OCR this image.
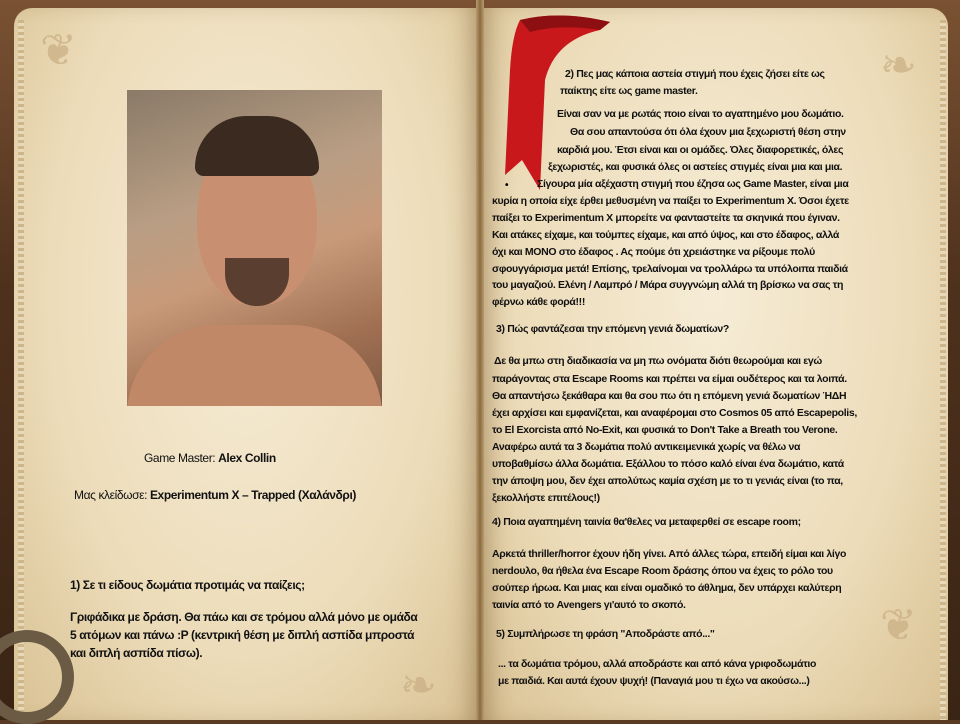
❦	❧
❦
❧
Game Master: Alex Collin
Μας κλείδωσε: Experimentum X – Trapped (Χαλάνδρι)
1) Σε τι είδους δωμάτια προτιμάς να παίζεις;
•
Γριφάδικα με δράση. Θα πάω και σε τρόμου αλλά μόνο με ομάδα
5 ατόμων και πάνω :P (κεντρική θέση με διπλή ασπίδα μπροστά
και διπλή ασπίδα πίσω).
2) Πες μας κάποια αστεία στιγμή που έχεις ζήσει είτε ως
παίκτης είτε ως game master.
Είναι σαν να με ρωτάς ποιο είναι το αγαπημένο μου δωμάτιο.
Θα σου απαντούσα ότι όλα έχουν μια ξεχωριστή θέση στην
καρδιά μου. Έτσι είναι και οι ομάδες. Όλες διαφορετικές, όλες
ξεχωριστές, και φυσικά όλες οι αστείες στιγμές είναι μια και μια.
Σίγουρα μία αξέχαστη στιγμή που έζησα ως Game Master, είναι μια
κυρία η οποία είχε έρθει μεθυσμένη να παίξει το Experimentum X. Όσοι έχετε
παίξει το Experimentum X μπορείτε να φανταστείτε τα σκηνικά που έγιναν.
Και ατάκες είχαμε, και τούμπες είχαμε, και από ύψος, και στο έδαφος, αλλά
όχι και ΜΟΝΟ στο έδαφος . Ας πούμε ότι χρειάστηκε να ρίξουμε πολύ
σφουγγάρισμα μετά! Επίσης, τρελαίνομαι να τρολλάρω τα υπόλοιπα παιδιά
του μαγαζιού. Ελένη / Λαμπρό / Μάρα συγγνώμη αλλά τη βρίσκω να σας τη
φέρνω κάθε φορά!!!
3) Πώς φαντάζεσαι την επόμενη γενιά δωματίων?
Δε θα μπω στη διαδικασία να μη πω ονόματα διότι θεωρούμαι και εγώ
παράγοντας στα Escape Rooms και πρέπει να είμαι ουδέτερος και τα λοιπά.
Θα απαντήσω ξεκάθαρα και θα σου πω ότι η επόμενη γενιά δωματίων ΉΔΗ
έχει αρχίσει και εμφανίζεται, και αναφέρομαι στο Cosmos 05 από Escapepolis,
το El Exorcista από No-Exit, και φυσικά το Don't Take a Breath του Verone.
Αναφέρω αυτά τα 3 δωμάτια πολύ αντικειμενικά χωρίς να θέλω να
υποβαθμίσω άλλα δωμάτια. Εξάλλου το πόσο καλό είναι ένα δωμάτιο, κατά
την άποψη μου, δεν έχει απολύτως καμία σχέση με το τι γενιάς είναι (το πα,
ξεκολλήστε επιτέλους!)
4) Ποια αγαπημένη ταινία θα'θελες να μεταφερθεί σε escape room;
Αρκετά thriller/horror έχουν ήδη γίνει. Από άλλες τώρα, επειδή είμαι και λίγο
nerdουλο, θα ήθελα ένα Escape Room δράσης όπου να έχεις το ρόλο του
σούπερ ήρωα. Και μιας και είναι ομαδικό το άθλημα, δεν υπάρχει καλύτερη
ταινία από το Avengers γι'αυτό το σκοπό.
5) Συμπλήρωσε τη φράση "Αποδράστε από..."
... τα δωμάτια τρόμου, αλλά αποδράστε και από κάνα γριφοδωμάτιο
με παιδιά. Και αυτά έχουν ψυχή! (Παναγιά μου τι έχω να ακούσω...)
